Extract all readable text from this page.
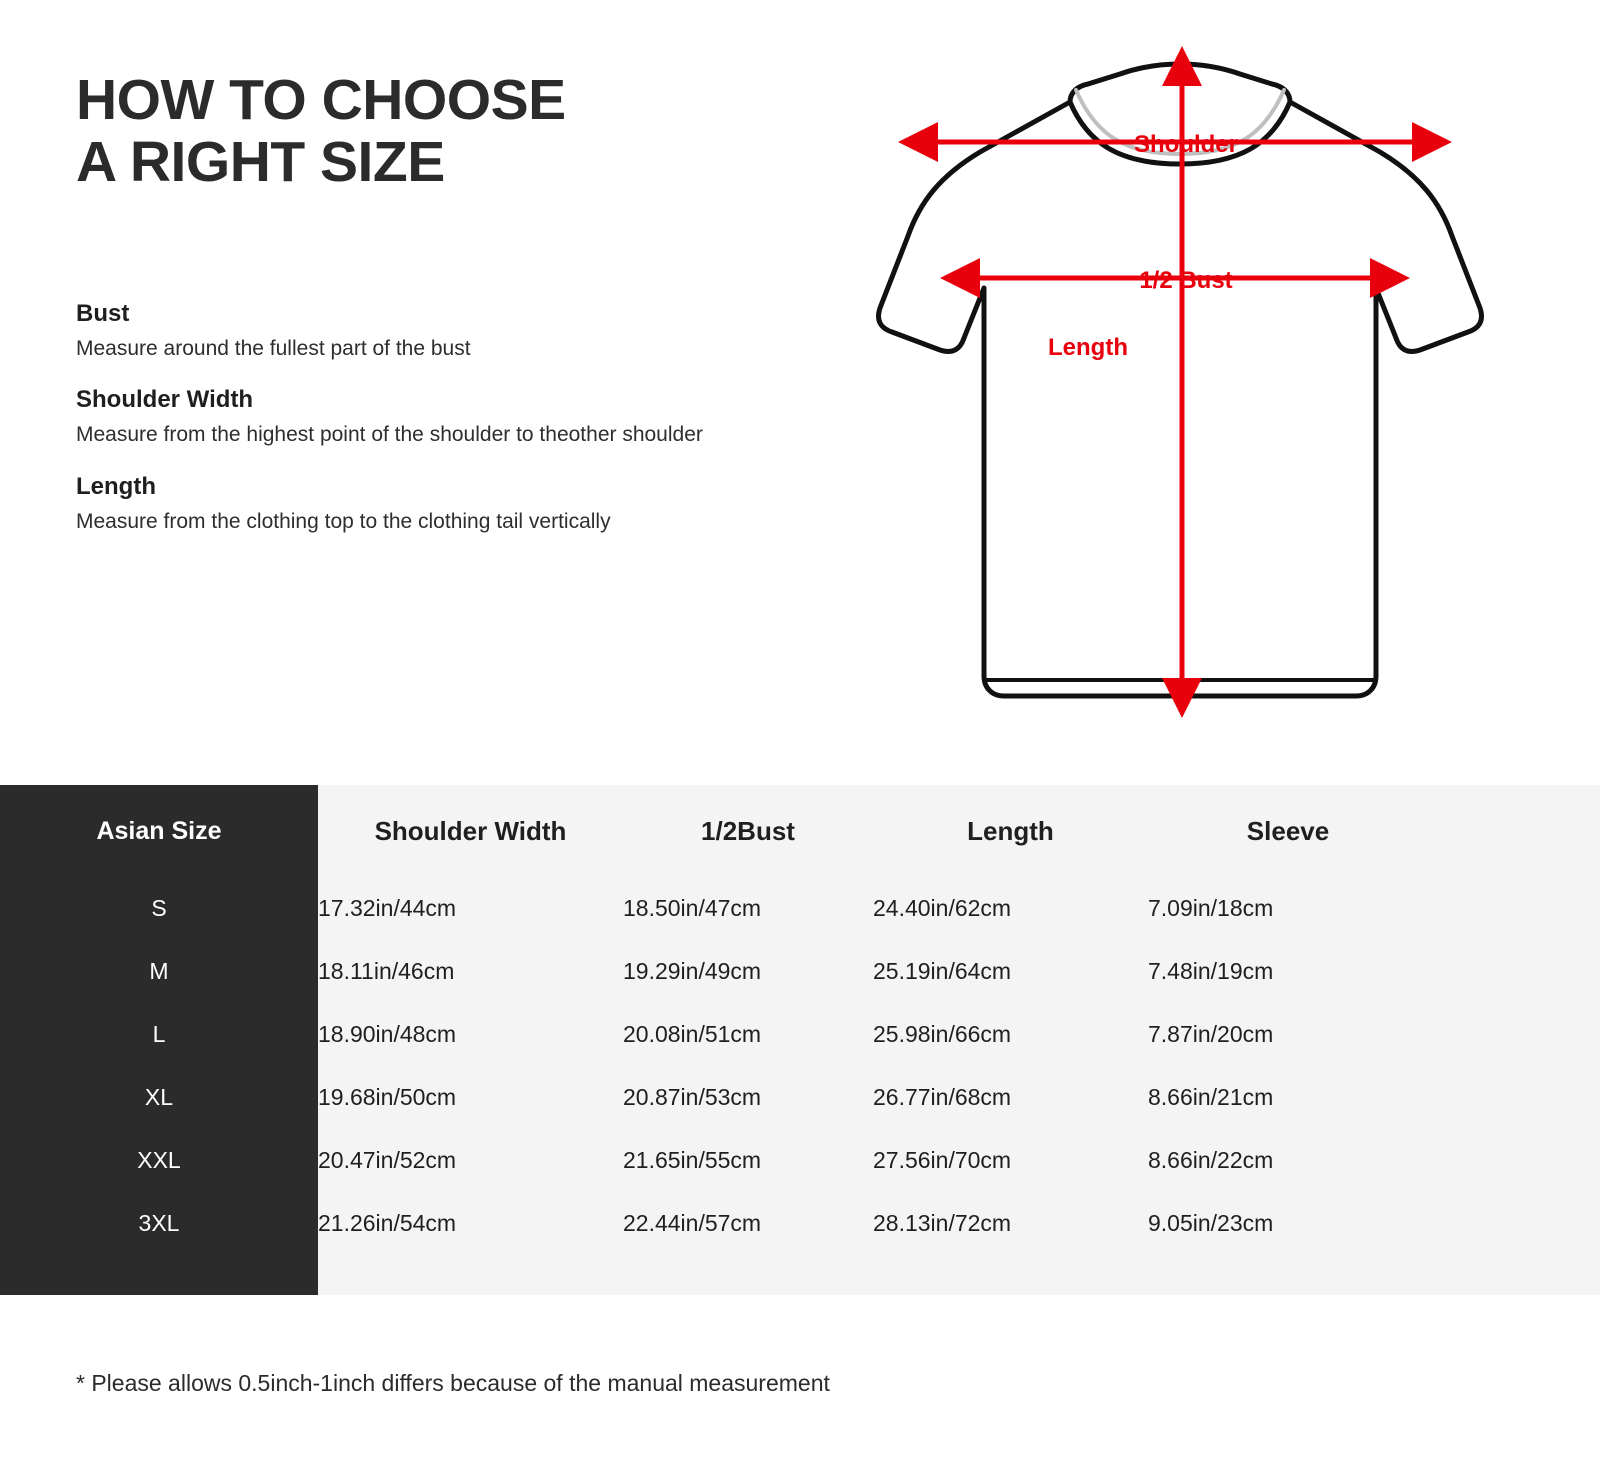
HOW TO CHOOSE
A RIGHT SIZE
Bust
Measure around the fullest part of the bust
Shoulder Width
Measure from the highest point of the shoulder to theother shoulder
Length
Measure from the clothing top to the clothing tail vertically
Shoulder
1/2 Bust
Length
Asian Size	Shoulder Width	1/2Bust	Length	Sleeve	
S	17.32in/44cm	18.50in/47cm	24.40in/62cm	7.09in/18cm	
M	18.11in/46cm	19.29in/49cm	25.19in/64cm	7.48in/19cm	
L	18.90in/48cm	20.08in/51cm	25.98in/66cm	7.87in/20cm	
XL	19.68in/50cm	20.87in/53cm	26.77in/68cm	8.66in/21cm	
XXL	20.47in/52cm	21.65in/55cm	27.56in/70cm	8.66in/22cm	
3XL	21.26in/54cm	22.44in/57cm	28.13in/72cm	9.05in/23cm	
* Please allows 0.5inch-1inch differs because of the manual measurement
